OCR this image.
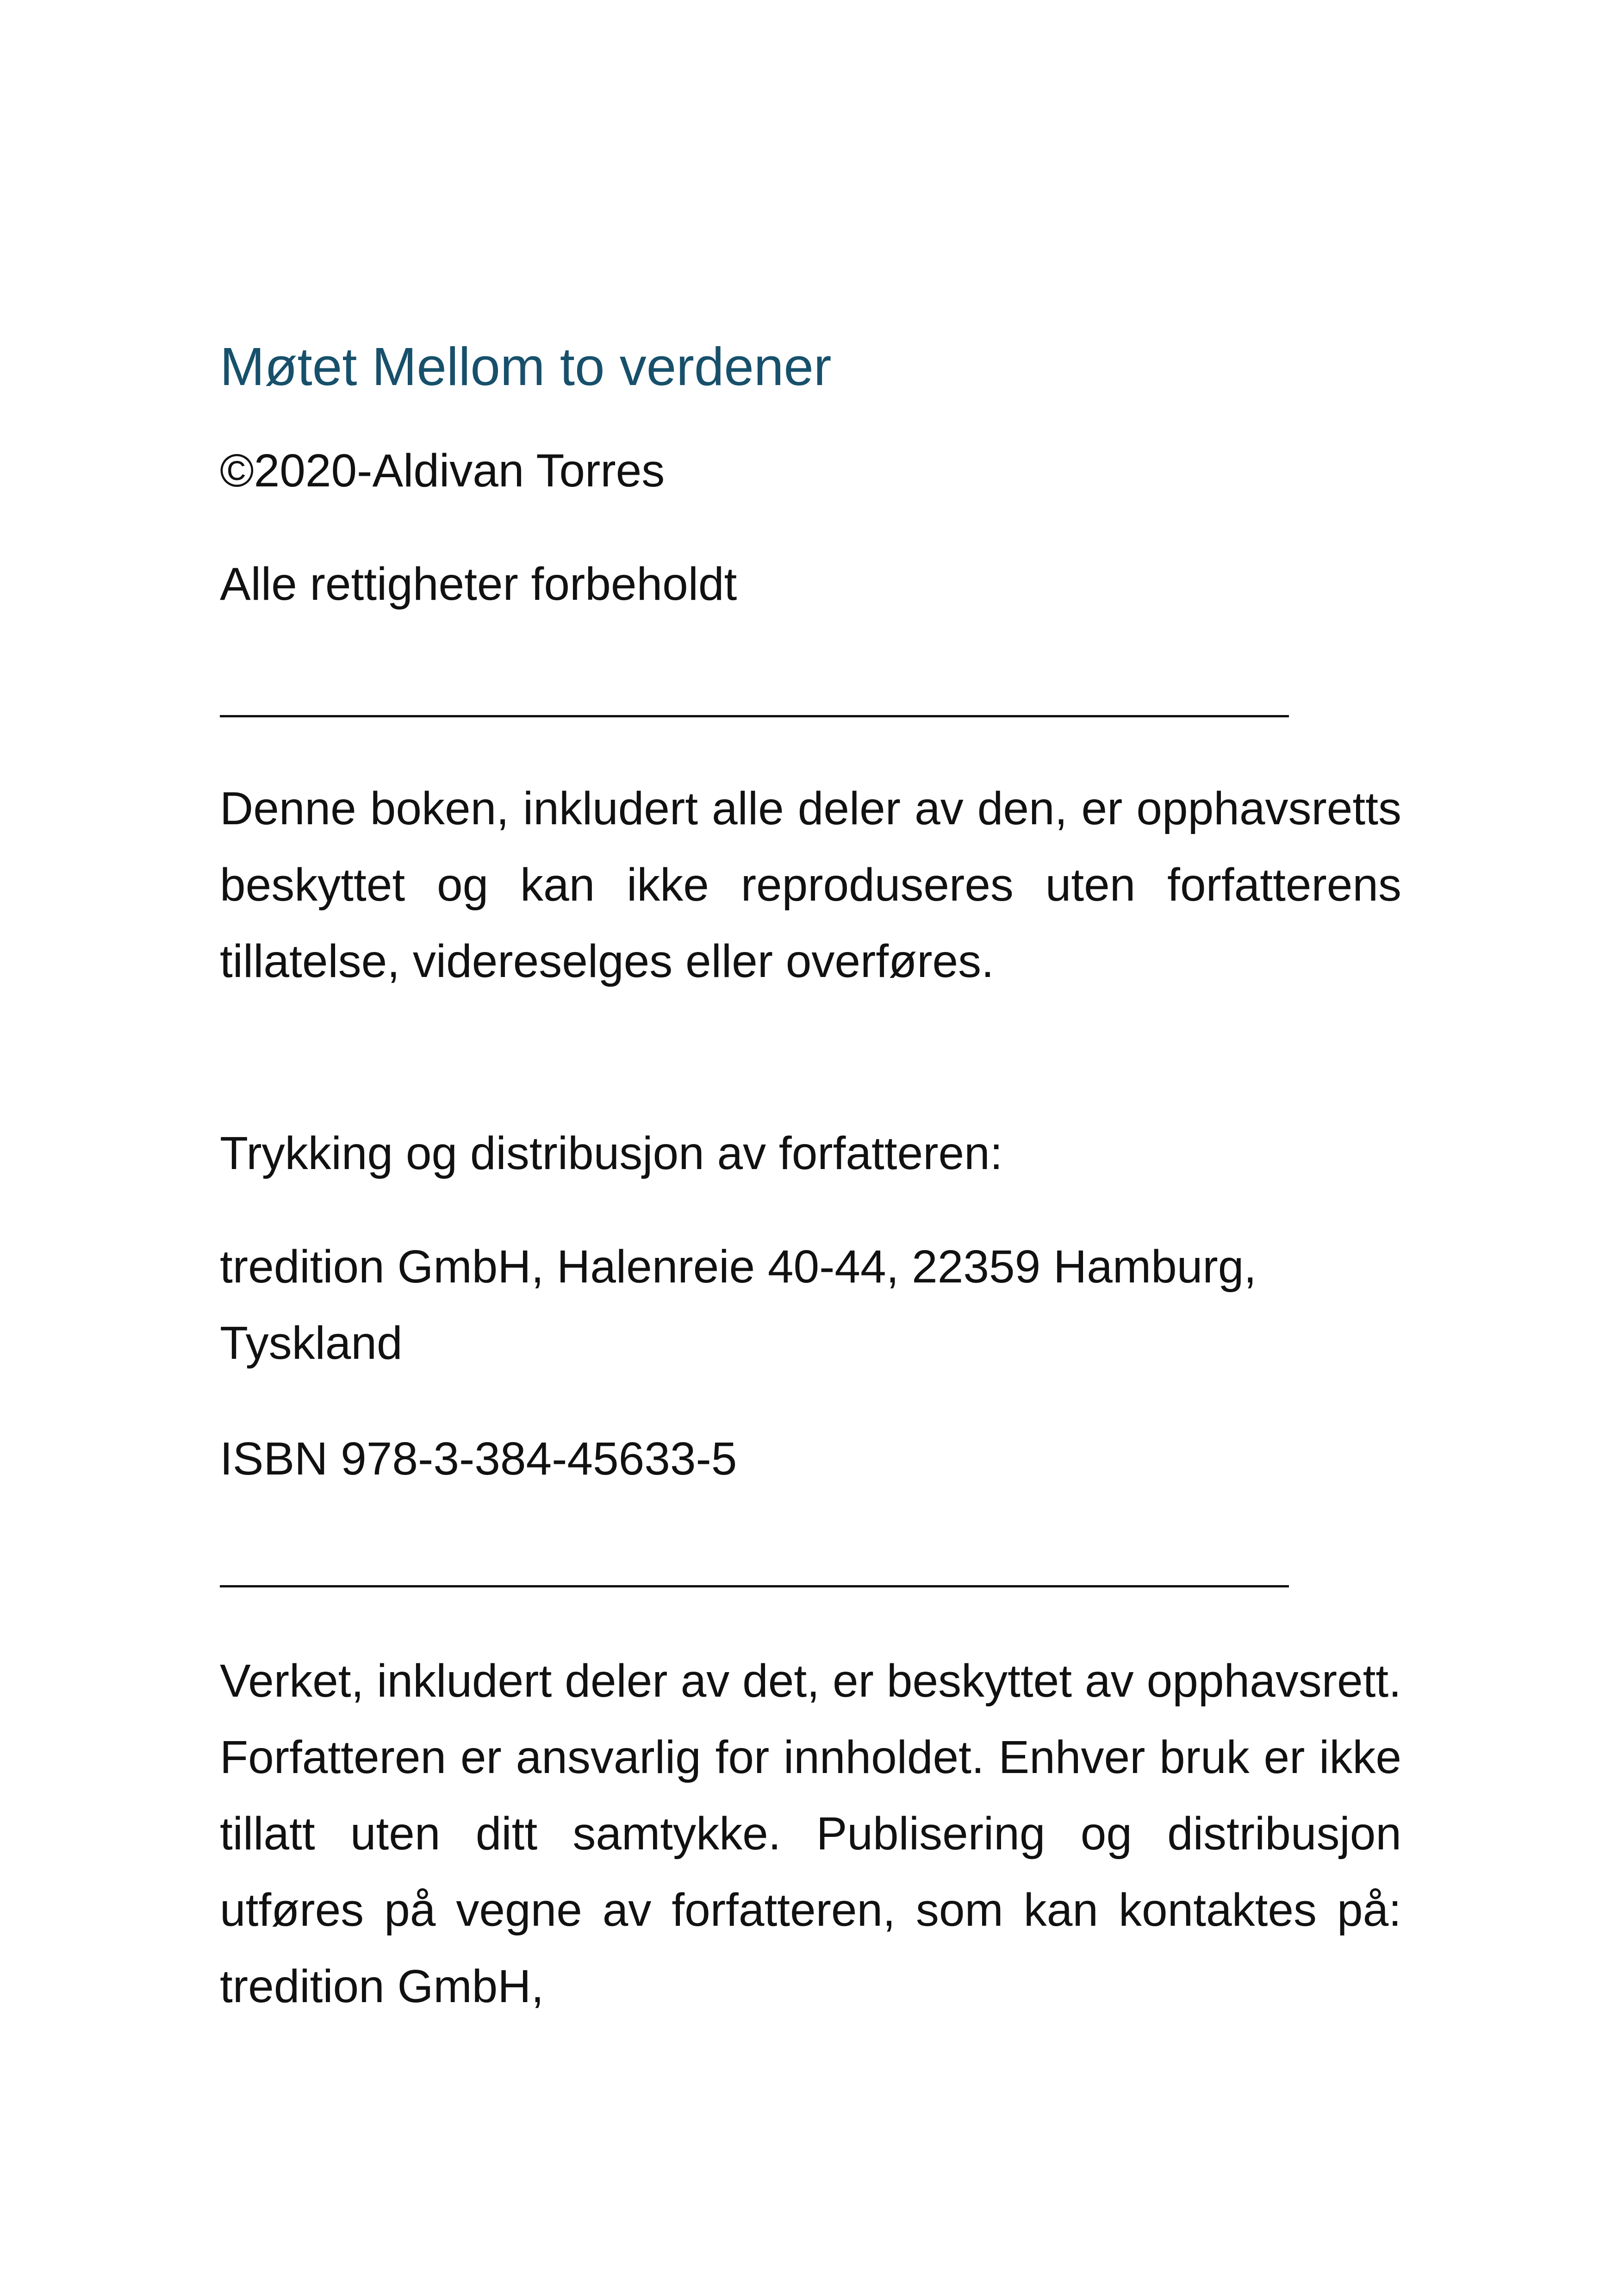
Møtet Mellom to verdener

©2020-Aldivan Torres

Alle rettigheter forbeholdt

Denne boken, inkludert alle deler av den, er opphavsretts beskyttet og kan ikke reproduseres uten forfatterens tillatelse, videreselges eller overføres.

Trykking og distribusjon av forfatteren:

tredition GmbH, Halenreie 40-44, 22359 Hamburg, Tyskland

ISBN 978-3-384-45633-5

Verket, inkludert deler av det, er beskyttet av opphavsrett. Forfatteren er ansvarlig for innholdet. Enhver bruk er ikke tillatt uten ditt samtykke. Publisering og distribusjon utføres på vegne av forfatteren, som kan kontaktes på: tredition GmbH,
